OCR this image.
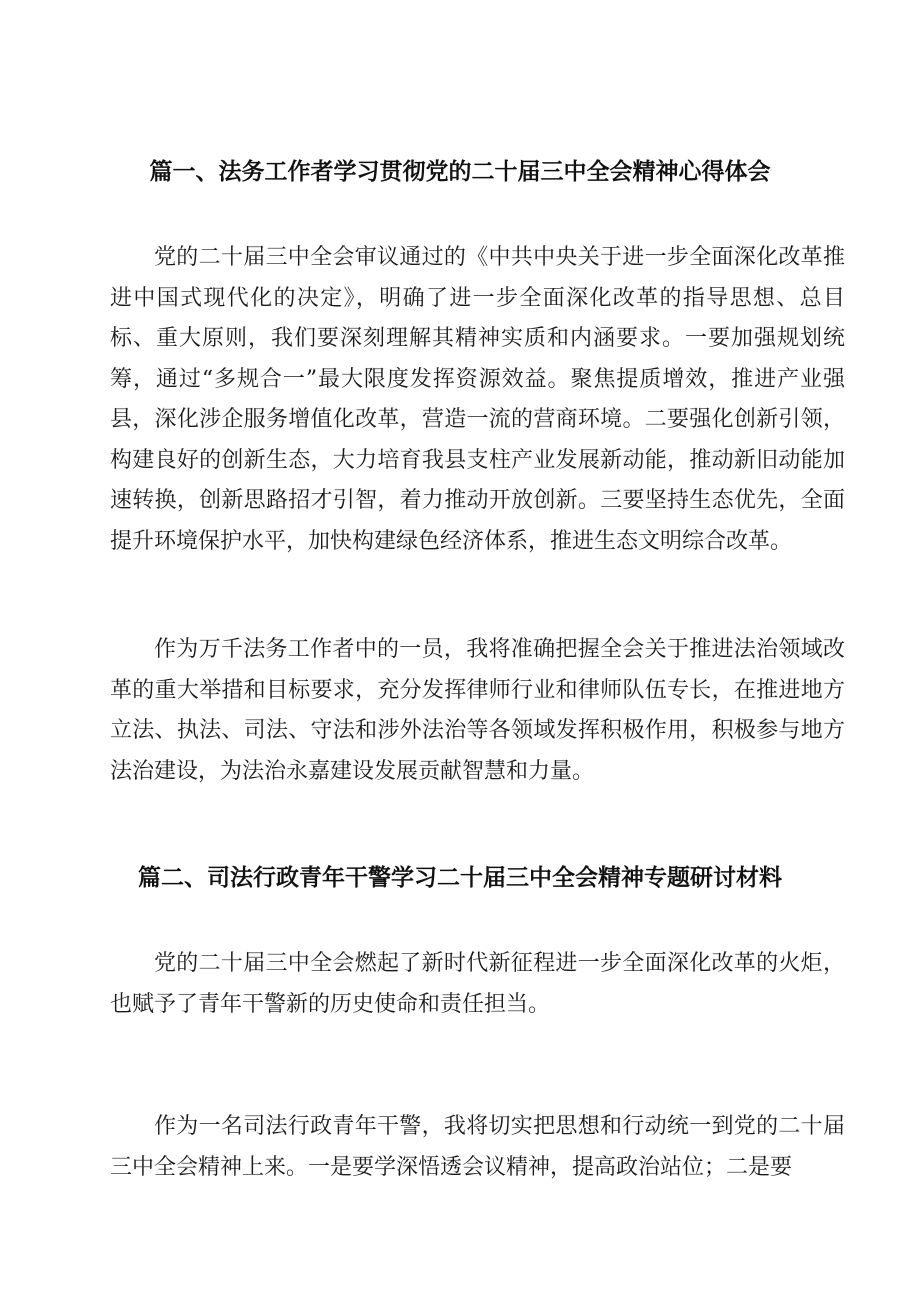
篇一、法务工作者学习贯彻党的二十届三中全会精神心得体会

党的二十届三中全会审议通过的《中共中央关于进一步全面深化改革推进中国式现代化的决定》，明确了进一步全面深化改革的指导思想、总目标、重大原则，我们要深刻理解其精神实质和内涵要求。一要加强规划统筹，通过“多规合一”最大限度发挥资源效益。聚焦提质增效，推进产业强县，深化涉企服务增值化改革，营造一流的营商环境。二要强化创新引领，构建良好的创新生态，大力培育我县支柱产业发展新动能，推动新旧动能加速转换，创新思路招才引智，着力推动开放创新。三要坚持生态优先，全面提升环境保护水平，加快构建绿色经济体系，推进生态文明综合改革。

作为万千法务工作者中的一员，我将准确把握全会关于推进法治领域改革的重大举措和目标要求，充分发挥律师行业和律师队伍专长，在推进地方立法、执法、司法、守法和涉外法治等各领域发挥积极作用，积极参与地方法治建设，为法治永嘉建设发展贡献智慧和力量。

篇二、司法行政青年干警学习二十届三中全会精神专题研讨材料

党的二十届三中全会燃起了新时代新征程进一步全面深化改革的火炬，也赋予了青年干警新的历史使命和责任担当。

作为一名司法行政青年干警，我将切实把思想和行动统一到党的二十届三中全会精神上来。一是要学深悟透会议精神，提高政治站位；二是要
